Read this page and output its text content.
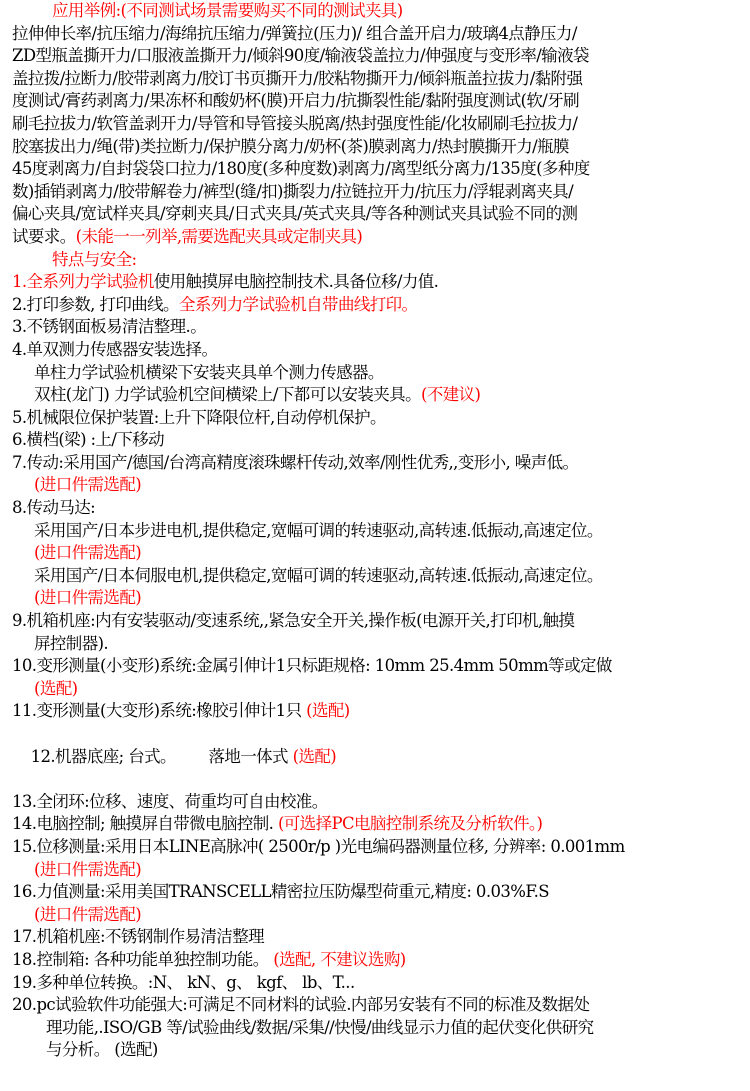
应用举例:(不同测试场景需要购买不同的测试夹具)
拉伸伸长率/抗压缩力/海绵抗压缩力/弹簧拉(压力)/ 组合盖开启力/玻璃4点静压力/
ZD型瓶盖撕开力/口服液盖撕开力/倾斜90度/输液袋盖拉力/伸强度与变形率/输液袋
盖拉拨/拉断力/胶带剥离力/胶订书页撕开力/胶粘物撕开力/倾斜瓶盖拉拔力/黏附强
度测试/膏药剥离力/果冻杯和酸奶杯(膜)开启力/抗撕裂性能/黏附强度测试(软/牙刷
刷毛拉拔力/软管盖剥开力/导管和导管接头脱离/热封强度性能/化妆刷刷毛拉拔力/
胶塞拔出力/绳(带)类拉断力/保护膜分离力/奶杯(茶)膜剥离力/热封膜撕开力/瓶膜
45度剥离力/自封袋袋口拉力/180度(多种度数)剥离力/离型纸分离力/135度(多种度
数)插销剥离力/胶带解卷力/裤型(缝/扣)撕裂力/拉链拉开力/抗压力/浮辊剥离夹具/
偏心夹具/宽试样夹具/穿刺夹具/日式夹具/英式夹具/等各种测试夹具试验不同的测
试要求。(未能一一列举,需要选配夹具或定制夹具)
特点与安全:
1.全系列力学试验机使用触摸屏电脑控制技术.具备位移/力值.
2.打印参数, 打印曲线。全系列力学试验机自带曲线打印。
3.不锈钢面板易清洁整理.。
4.单双测力传感器安装选择。
单柱力学试验机横梁下安装夹具单个测力传感器。
双柱(龙门) 力学试验机空间横梁上/下都可以安装夹具。(不建议)
5.机械限位保护装置:上升下降限位杆,自动停机保护。
6.横档(梁) :上/下移动
7.传动:采用国产/德国/台湾高精度滚珠螺杆传动,效率/刚性优秀,,变形小, 噪声低。
(进口件需选配)
8.传动马达:
采用国产/日本步进电机,提供稳定,宽幅可调的转速驱动,高转速.低振动,高速定位。
(进口件需选配)
采用国产/日本伺服电机,提供稳定,宽幅可调的转速驱动,高转速.低振动,高速定位。
(进口件需选配)
9.机箱机座:内有安装驱动/变速系统,,紧急安全开关,操作板(电源开关,打印机,触摸
屏控制器).
10.变形测量(小变形)系统:金属引伸计1只标距规格: 10mm 25.4mm 50mm等或定做
(选配)
11.变形测量(大变形)系统:橡胶引伸计1只 (选配)

12.机器底座; 台式。       落地一体式 (选配)

13.全闭环:位移、速度、荷重均可自由校准。
14.电脑控制; 触摸屏自带微电脑控制. (可选择PC电脑控制系统及分析软件。)
15.位移测量:采用日本LINE高脉冲( 2500r/p )光电编码器测量位移, 分辨率: 0.001mm
(进口件需选配)
16.力值测量:采用美国TRANSCELL精密拉压防爆型荷重元,精度: 0.03%F.S
(进口件需选配)
17.机箱机座:不锈钢制作易清洁整理
18.控制箱: 各种功能单独控制功能。 (选配, 不建议选购)
19.多种单位转换。:N、 kN、g、 kgf、 lb、T...
20.pc试验软件功能强大:可满足不同材料的试验.内部另安装有不同的标准及数据处
理功能,.ISO/GB 等/试验曲线/数据/采集//快慢/曲线显示力值的起伏变化供研究
与分析。 (选配)
